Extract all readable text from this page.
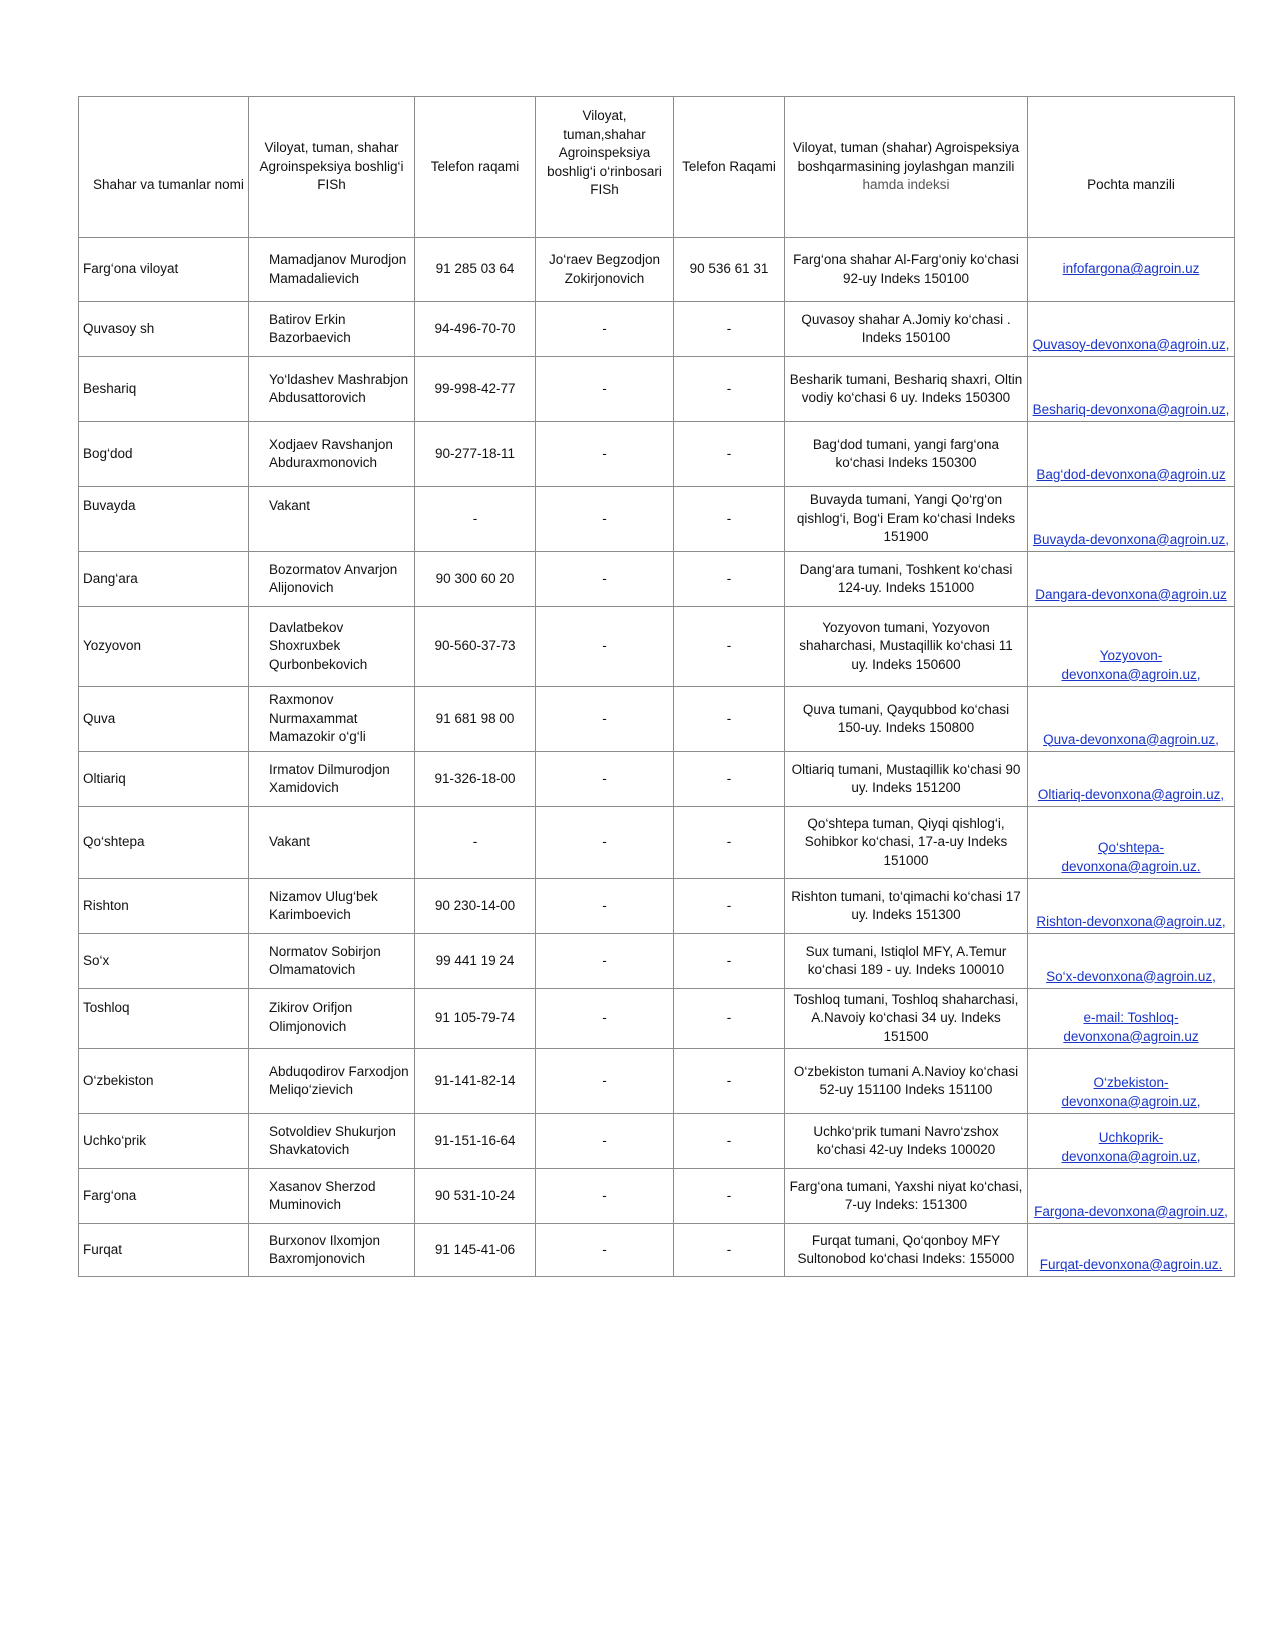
Shahar va tumanlar nomi	Viloyat, tuman, shahar Agroinspeksiya boshlig‘i FISh	Telefon raqami	Viloyat, tuman,shahar Agroinspeksiya boshlig‘i o‘rinbosari FISh	Telefon Raqami	Viloyat, tuman (shahar) Agroispeksiya boshqarmasining joylashgan manzili hamda indeksi	Pochta manzili
Farg‘ona viloyat	Mamadjanov Murodjon Mamadalievich	91 285 03 64	Jo‘raev Begzodjon Zokirjonovich	90 536 61 31	Farg‘ona shahar Al-Farg‘oniy ko‘chasi 92-uy Indeks 150100	infofargona@agroin.uz
Quvasoy sh	Batirov Erkin Bazorbaevich	94-496-70-70	-	-	Quvasoy shahar A.Jomiy ko‘chasi . Indeks 150100	Quvasoy-devonxona@agroin.uz,
Beshariq	Yo‘ldashev Mashrabjon Abdusattorovich	99-998-42-77	-	-	Besharik tumani, Beshariq shaxri, Oltin vodiy ko‘chasi 6 uy. Indeks 150300	Beshariq-devonxona@agroin.uz,
Bog‘dod	Xodjaev Ravshanjon Abduraxmonovich	90-277-18-11	-	-	Bag‘dod tumani, yangi farg‘ona ko‘chasi Indeks 150300	Bag‘dod-devonxona@agroin.uz
Buvayda	Vakant	-	-	-	Buvayda tumani, Yangi Qo‘rg‘on qishlog‘i, Bog‘i Eram ko‘chasi Indeks 151900	Buvayda-devonxona@agroin.uz,
Dang‘ara	Bozormatov Anvarjon Alijonovich	90 300 60 20	-	-	Dang‘ara tumani, Toshkent ko‘chasi 124-uy. Indeks 151000	Dangara-devonxona@agroin.uz
Yozyovon	Davlatbekov Shoxruxbek Qurbonbekovich	90-560-37-73	-	-	Yozyovon tumani, Yozyovon shaharchasi, Mustaqillik ko‘chasi 11 uy. Indeks 150600	Yozyovon-devonxona@agroin.uz,
Quva	Raxmonov Nurmaxammat Mamazokir o‘g‘li	91 681 98 00	-	-	Quva tumani, Qayqubbod ko‘chasi 150-uy. Indeks 150800	Quva-devonxona@agroin.uz,
Oltiariq	Irmatov Dilmurodjon Xamidovich	91-326-18-00	-	-	Oltiariq tumani, Mustaqillik ko‘chasi 90 uy. Indeks 151200	Oltiariq-devonxona@agroin.uz,
Qo‘shtepa	Vakant	-	-	-	Qo‘shtepa tuman, Qiyqi qishlog‘i, Sohibkor ko‘chasi, 17-a-uy Indeks 151000	Qo‘shtepa-devonxona@agroin.uz.
Rishton	Nizamov Ulug‘bek Karimboevich	90 230-14-00	-	-	Rishton tumani, to‘qimachi ko‘chasi 17 uy. Indeks 151300	Rishton-devonxona@agroin.uz,
So‘x	Normatov Sobirjon Olmamatovich	99 441 19 24	-	-	Sux tumani, Istiqlol MFY, A.Temur ko‘chasi 189 - uy. Indeks 100010	So‘x-devonxona@agroin.uz,
Toshloq	Zikirov Orifjon Olimjonovich	91 105-79-74	-	-	Toshloq tumani, Toshloq shaharchasi, A.Navoiy ko‘chasi 34 uy. Indeks 151500	e-mail: Toshloq-devonxona@agroin.uz
O‘zbekiston	Abduqodirov Farxodjon Meliqo‘zievich	91-141-82-14	-	-	O‘zbekiston tumani A.Navioy ko‘chasi 52-uy 151100 Indeks 151100	O‘zbekiston-devonxona@agroin.uz,
Uchko‘prik	Sotvoldiev Shukurjon Shavkatovich	91-151-16-64	-	-	Uchko‘prik tumani Navro‘zshox ko‘chasi 42-uy Indeks 100020	Uchkoprik-devonxona@agroin.uz,
Farg‘ona	Xasanov Sherzod Muminovich	90 531-10-24	-	-	Farg‘ona tumani, Yaxshi niyat ko‘chasi, 7-uy Indeks: 151300	Fargona-devonxona@agroin.uz,
Furqat	Burxonov Ilxomjon Baxromjonovich	91 145-41-06	-	-	Furqat tumani, Qo‘qonboy MFY Sultonobod ko‘chasi Indeks: 155000	Furqat-devonxona@agroin.uz.
